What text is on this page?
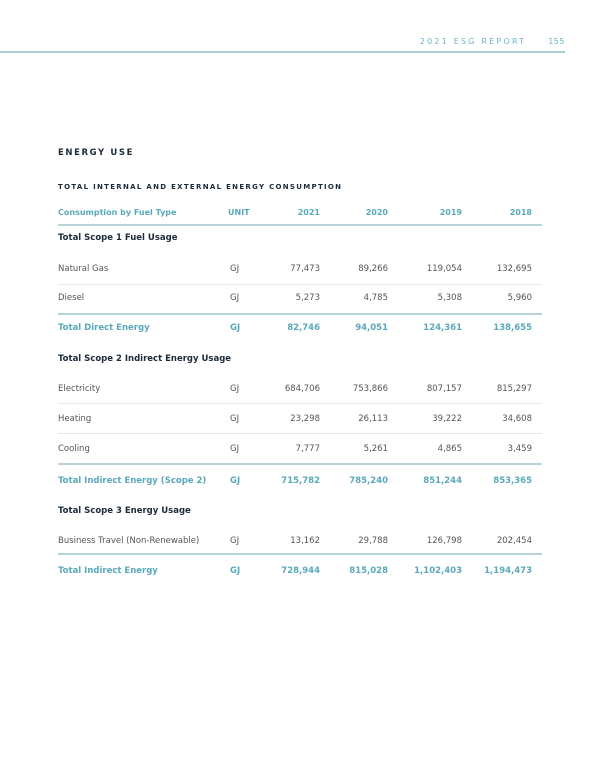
2021 ESG REPORT	155
ENERGY USE
TOTAL INTERNAL AND EXTERNAL ENERGY CONSUMPTION
Consumption by Fuel Type	UNIT	2021	2020	2019	2018
Total Scope 1 Fuel Usage
Natural Gas	GJ	77,473	89,266	119,054	132,695
Diesel	GJ	5,273	4,785	5,308	5,960
Total Direct Energy	GJ	82,746	94,051	124,361	138,655
Total Scope 2 Indirect Energy Usage
Electricity	GJ	684,706	753,866	807,157	815,297
Heating	GJ	23,298	26,113	39,222	34,608
Cooling	GJ	7,777	5,261	4,865	3,459
Total Indirect Energy (Scope 2)	GJ	715,782	785,240	851,244	853,365
Total Scope 3 Energy Usage
Business Travel (Non-Renewable)	GJ	13,162	29,788	126,798	202,454
Total Indirect Energy	GJ	728,944	815,028	1,102,403	1,194,473
